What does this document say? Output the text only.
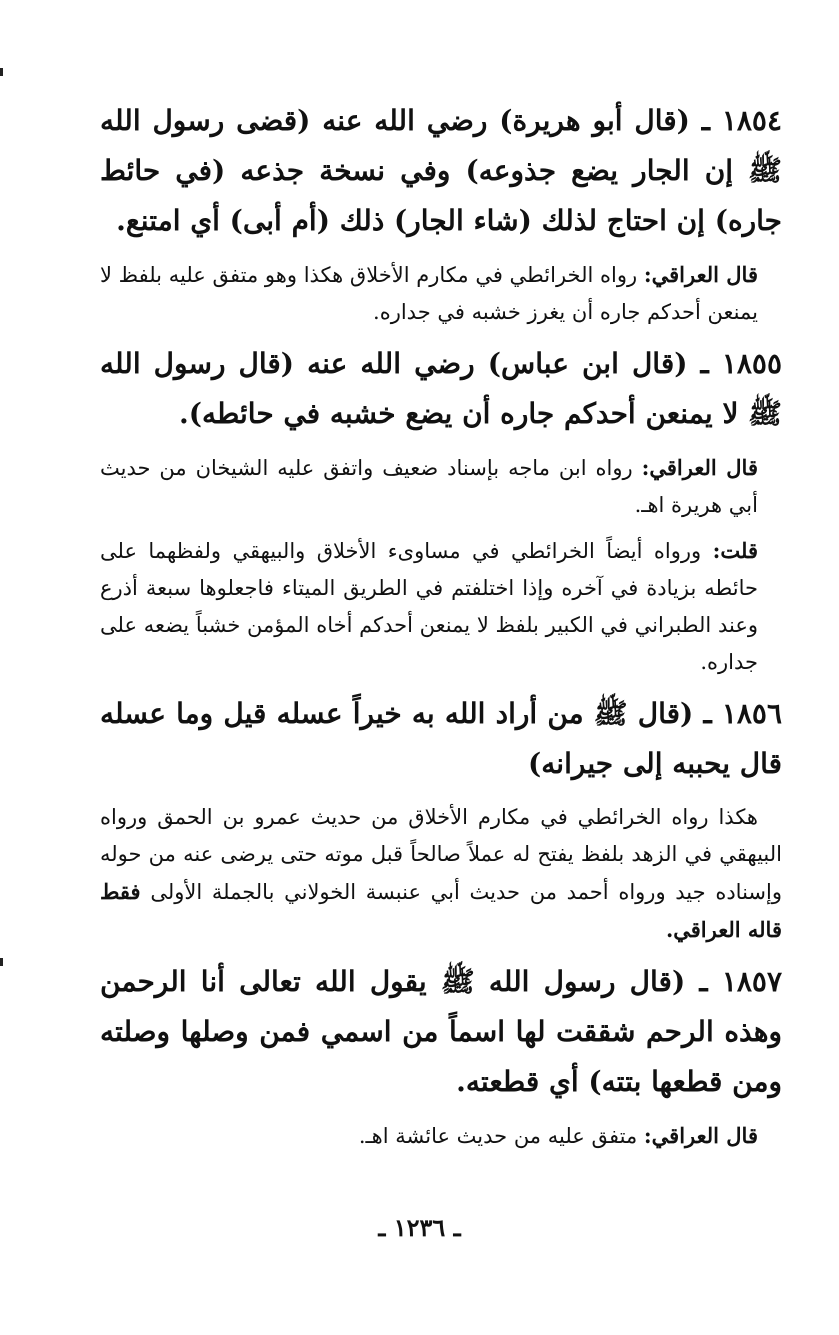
١٨٥٤ ـ (قال أبو هريرة) رضي الله عنه (قضى رسول الله ﷺ إن الجار يضع جذوعه) وفي نسخة جذعه (في حائط جاره) إن احتاج لذلك (شاء الجار) ذلك (أم أبى) أي امتنع.

قال العراقي: رواه الخرائطي في مكارم الأخلاق هكذا وهو متفق عليه بلفظ لا يمنعن أحدكم جاره أن يغرز خشبه في جداره.

١٨٥٥ ـ (قال ابن عباس) رضي الله عنه (قال رسول الله ﷺ لا يمنعن أحدكم جاره أن يضع خشبه في حائطه).

قال العراقي: رواه ابن ماجه بإسناد ضعيف واتفق عليه الشيخان من حديث أبي هريرة اهـ.

قلت: ورواه أيضاً الخرائطي في مساوىء الأخلاق والبيهقي ولفظهما على حائطه بزيادة في آخره وإذا اختلفتم في الطريق الميتاء فاجعلوها سبعة أذرع وعند الطبراني في الكبير بلفظ لا يمنعن أحدكم أخاه المؤمن خشباً يضعه على جداره.

١٨٥٦ ـ (قال ﷺ من أراد الله به خيراً عسله قيل وما عسله قال يحببه إلى جيرانه)

هكذا رواه الخرائطي في مكارم الأخلاق من حديث عمرو بن الحمق ورواه البيهقي في الزهد بلفظ يفتح له عملاً صالحاً قبل موته حتى يرضى عنه من حوله وإسناده جيد ورواه أحمد من حديث أبي عنبسة الخولاني بالجملة الأولى فقط قاله العراقي.

١٨٥٧ ـ (قال رسول الله ﷺ يقول الله تعالى أنا الرحمن وهذه الرحم شققت لها اسماً من اسمي فمن وصلها وصلته ومن قطعها بتته) أي قطعته.

قال العراقي: متفق عليه من حديث عائشة اهـ.

ـ ١٢٣٦ ـ
